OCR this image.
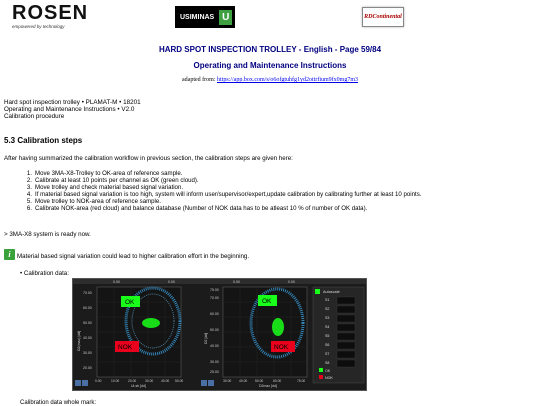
ROSEN
empowered by technology
USIMINAS U	RDContinental
HARD SPOT INSPECTION TROLLEY - English - Page 59/84
Operating and Maintenance Instructions
adapted from: https://app.box.com/s/o6ofgtuhfg1yd2ottrfium9fx0mg7m3
Hard spot inspection trolley • PLAMAT-M • 18201
Operating and Maintenance Instructions • V2.0
Calibration procedure
5.3 Calibration steps
After having summarized the calibration workflow in previous section, the calibration steps are given here:
1. Move 3MA-X8-Trolley to OK-area of reference sample.
2. Calibrate at least 10 points per channel as OK (green cloud).
3. Move trolley and check material based signal variation.
4. If material based signal variation is too high, system will inform user/supervisor/expert,update calibration by calibrating further at least 10 points.
5. Move trolley to NOK-area of reference sample.
6. Calibrate NOK-area (red cloud) and balance database (Number of NOK data has to be atleast 10 % of number of OK data).
> 3MA-X8 system is ready now.
i	Material based signal variation could lead to higher calibration effort in the beginning.
• Calibration data:
0.00	0.00	0.00	0.00
OK
NOK
70.00
60.00
50.00
40.00
30.00
20.00
0.00	10.00	20.00	30.00 40.00 50.00
D2(max) [dd]
Ui-sb [dd]
OK
NOK
75.00
70.00
60.00
50.00
40.00
30.00
25.00
30.00 40.00 50.00	60.00	75.00
D2 [dd]
D2max [dd]
Autoscale
S1
S2
S3
S4
S5
S6
S7
S8
OK
NOK
Calibration data whole mark:
